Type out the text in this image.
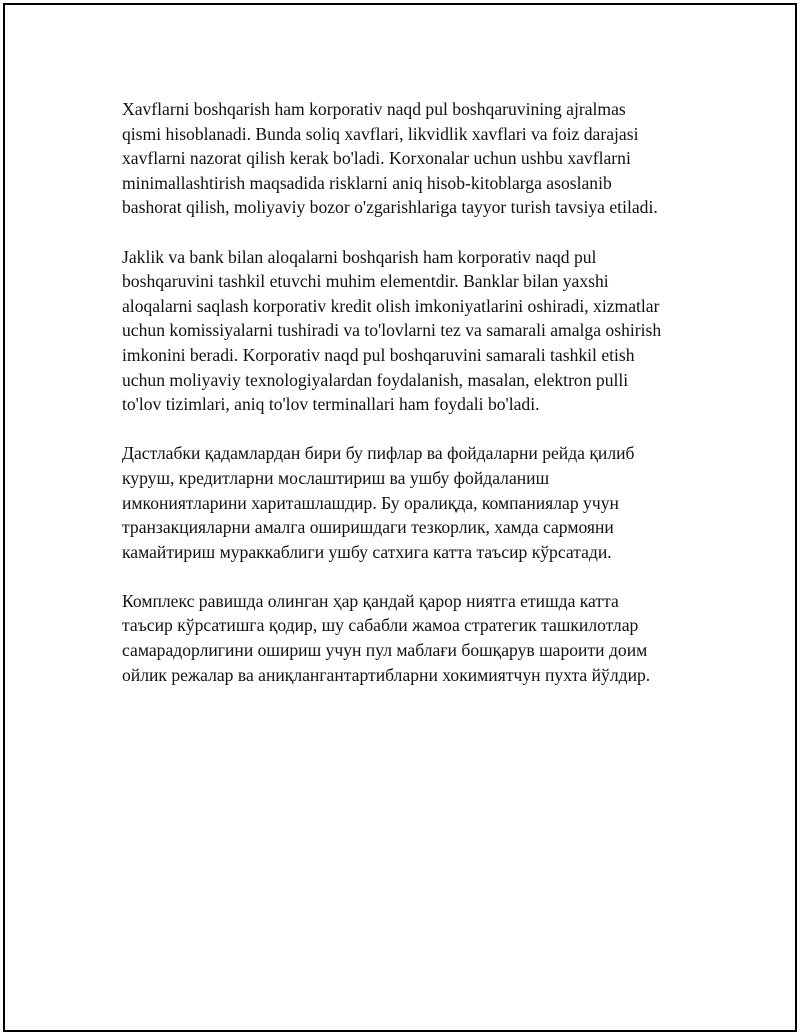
Xavflarni boshqarish ham korporativ naqd pul boshqaruvining ajralmas
qismi hisoblanadi. Bunda soliq xavflari, likvidlik xavflari va foiz darajasi
xavflarni nazorat qilish kerak bo'ladi. Korxonalar uchun ushbu xavflarni
minimallashtirish maqsadida risklarni aniq hisob-kitoblarga asoslanib
bashorat qilish, moliyaviy bozor o'zgarishlariga tayyor turish tavsiya etiladi.
Jaklik va bank bilan aloqalarni boshqarish ham korporativ naqd pul
boshqaruvini tashkil etuvchi muhim elementdir. Banklar bilan yaxshi
aloqalarni saqlash korporativ kredit olish imkoniyatlarini oshiradi, xizmatlar
uchun komissiyalarni tushiradi va to'lovlarni tez va samarali amalga oshirish
imkonini beradi. Korporativ naqd pul boshqaruvini samarali tashkil etish
uchun moliyaviy texnologiyalardan foydalanish, masalan, elektron pulli
to'lov tizimlari, aniq to'lov terminallari ham foydali bo'ladi.
Дастлабки қадамлардан бири бу пифлар ва фойдаларни рейда қилиб
куруш, кредитларни мослаштириш ва ушбу фойдаланиш
имкониятларини хариташлашдир. Бу оралиқда, компаниялар учун
транзакцияларни амалга оширишдаги тезкорлик, хамда сармояни
камайтириш мураккаблиги ушбу сатхига катта таъсир кўрсатади.
Комплекс равишда олинган ҳар қандай қарор ниятга етишда катта
таъсир кўрсатишга қодир, шу сабабли жамоа стратегик ташкилотлар
самарадорлигини ошириш учун пул маблағи бошқарув шароити доим
ойлик режалар ва аниқлангантартибларни хокимиятчун пухта йўлдир.
